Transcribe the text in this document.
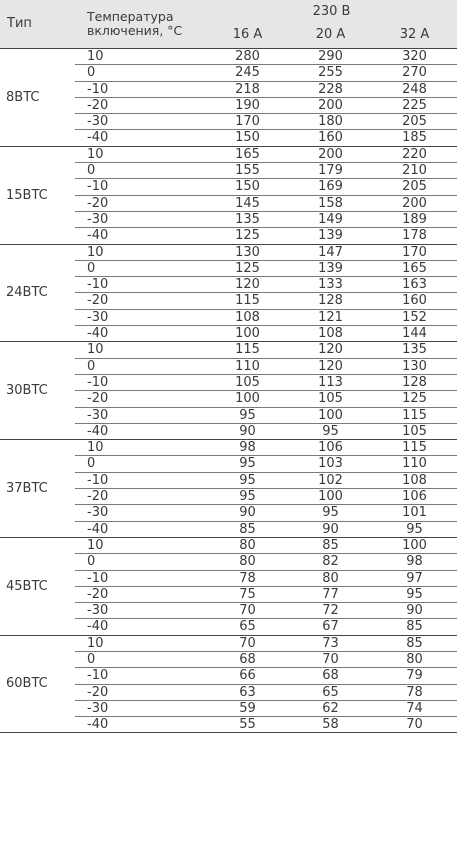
Тип	Температура включения, °С	230 В		
		16 А	20 А	32 А
8BTC	10	280	290	320
	0	245	255	270
	-10	218	228	248
	-20	190	200	225
	-30	170	180	205
	-40	150	160	185
15BTC	10	165	200	220
	0	155	179	210
	-10	150	169	205
	-20	145	158	200
	-30	135	149	189
	-40	125	139	178
24BTC	10	130	147	170
	0	125	139	165
	-10	120	133	163
	-20	115	128	160
	-30	108	121	152
	-40	100	108	144
30BTC	10	115	120	135
	0	110	120	130
	-10	105	113	128
	-20	100	105	125
	-30	95	100	115
	-40	90	95	105
37BTC	10	98	106	115
	0	95	103	110
	-10	95	102	108
	-20	95	100	106
	-30	90	95	101
	-40	85	90	95
45BTC	10	80	85	100
	0	80	82	98
	-10	78	80	97
	-20	75	77	95
	-30	70	72	90
	-40	65	67	85
60BTC	10	70	73	85
	0	68	70	80
	-10	66	68	79
	-20	63	65	78
	-30	59	62	74
	-40	55	58	70
